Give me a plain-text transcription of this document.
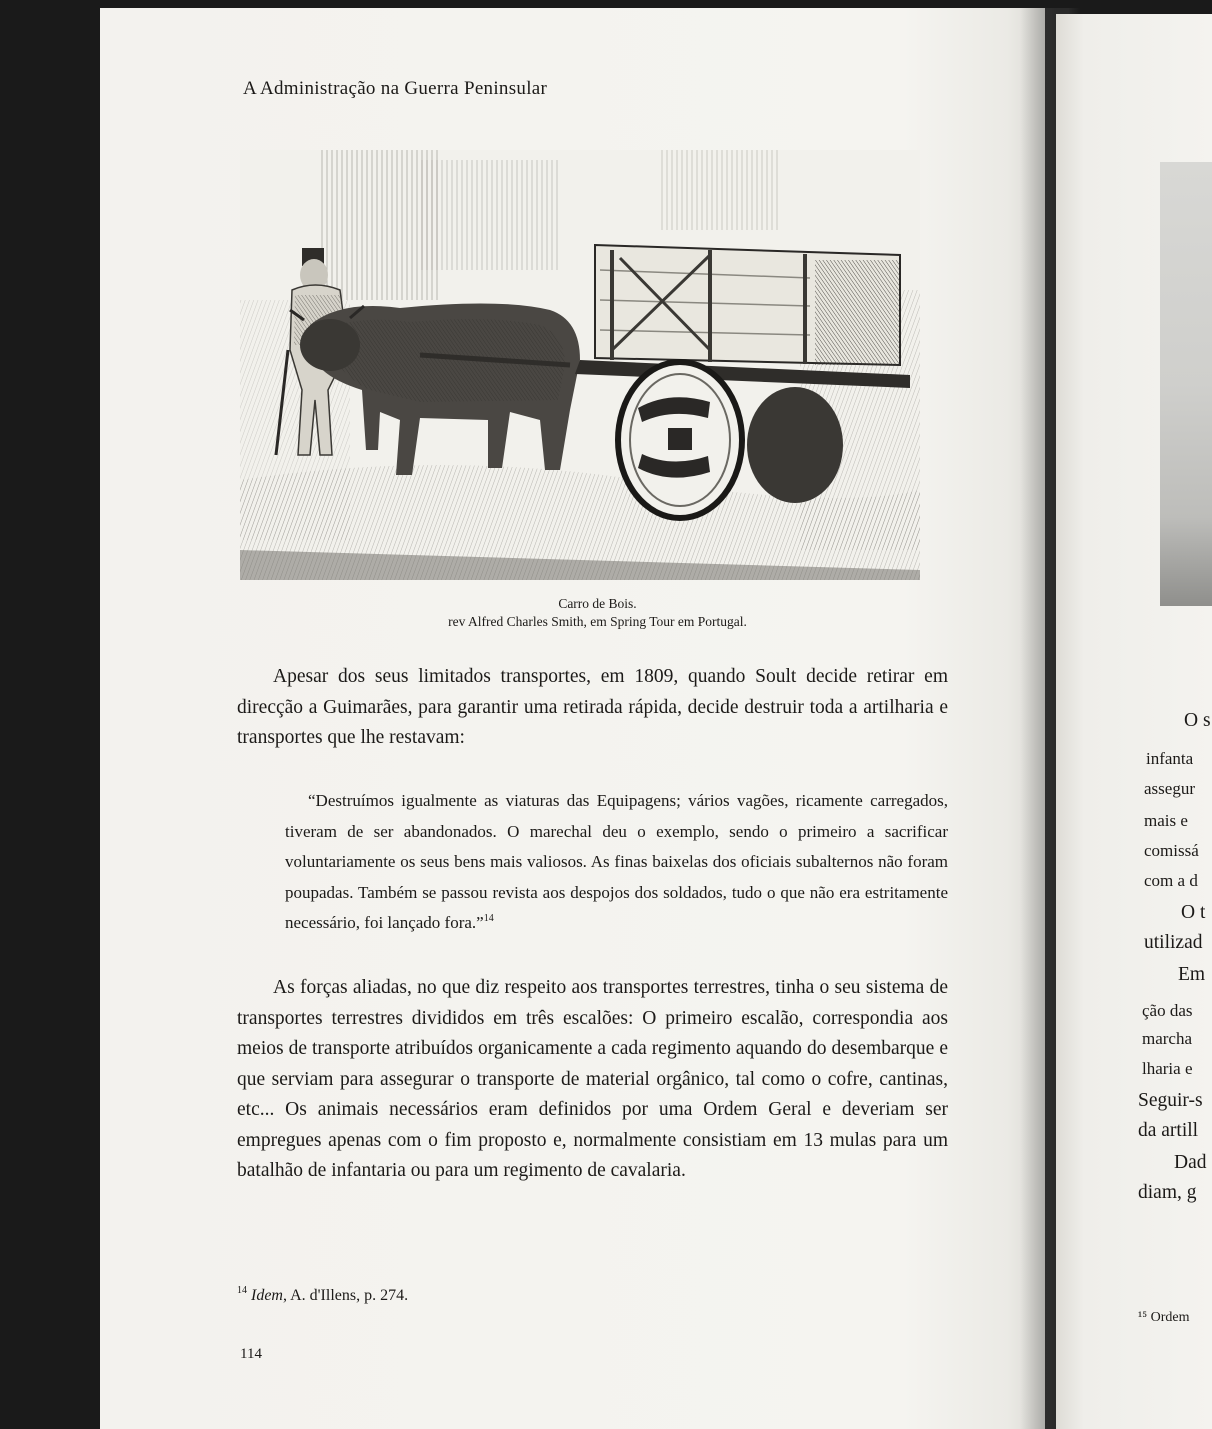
O s
infanta
assegur
mais e
comissá
com a d
O t
utilizad
Em
ção das
marcha
lharia e
Seguir-s
da artill
Dad
diam, g
¹⁵ Ordem
A Administração na Guerra Peninsular
Carro de Bois.
rev Alfred Charles Smith, em Spring Tour em Portugal.

Apesar dos seus limitados transportes, em 1809, quando Soult decide retirar em direcção a Guimarães, para garantir uma retirada rápida, decide destruir toda a artilharia e transportes que lhe restavam:

“Destruímos igualmente as viaturas das Equipagens; vários vagões, ricamente carregados, tiveram de ser abandonados. O marechal deu o exemplo, sendo o primeiro a sacrificar voluntariamente os seus bens mais valiosos. As finas baixelas dos oficiais subalternos não foram poupadas. Também se passou revista aos despojos dos soldados, tudo o que não era estritamente necessário, foi lançado fora.”$^{14}$

As forças aliadas, no que diz respeito aos transportes terrestres, tinha o seu sistema de transportes terrestres divididos em três escalões: O primeiro escalão, correspondia aos meios de transporte atribuídos organicamente a cada regimento aquando do desembarque e que serviam para assegurar o transporte de material orgânico, tal como o cofre, cantinas, etc... Os animais necessários eram definidos por uma Ordem Geral e deveriam ser empregues apenas com o fim proposto e, normalmente consistiam em 13 mulas para um batalhão de infantaria ou para um regimento de cavalaria.

$^{14}$ Idem, A. d'Illens, p. 274.
114
